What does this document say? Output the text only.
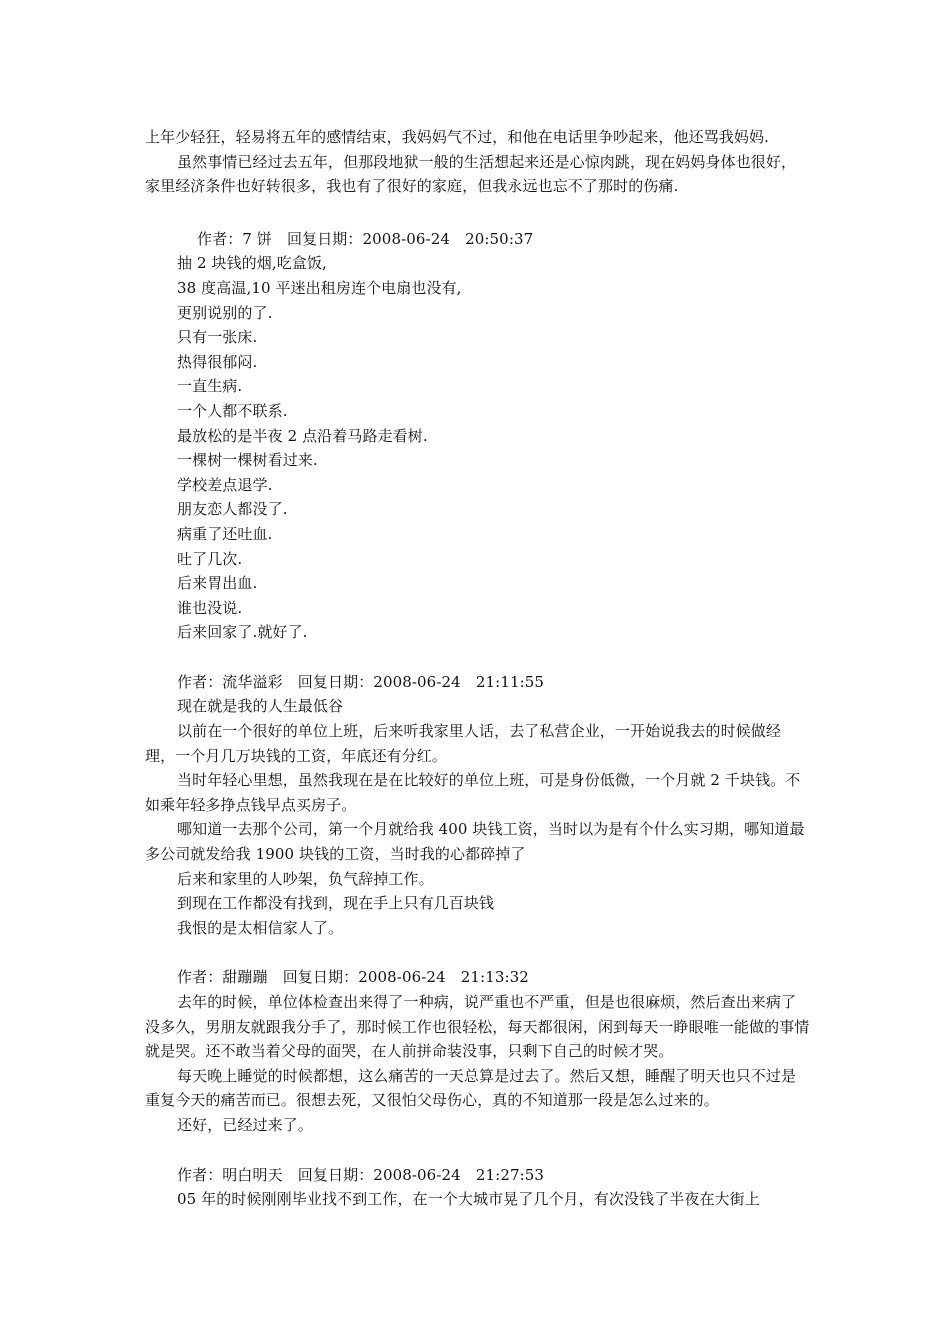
上年少轻狂，轻易将五年的感情结束，我妈妈气不过，和他在电话里争吵起来，他还骂我妈妈.
虽然事情已经过去五年，但那段地狱一般的生活想起来还是心惊肉跳，现在妈妈身体也很好，家里经济条件也好转很多，我也有了很好的家庭，但我永远也忘不了那时的伤痛.
作者：7 饼　回复日期：2008-06-24　20:50:37
抽 2 块钱的烟,吃盒饭,
38 度高温,10 平迷出租房连个电扇也没有,
更别说别的了.
只有一张床.
热得很郁闷.
一直生病.
一个人都不联系.
最放松的是半夜 2 点沿着马路走看树.
一棵树一棵树看过来.
学校差点退学.
朋友恋人都没了.
病重了还吐血.
吐了几次.
后来胃出血.
谁也没说.
后来回家了.就好了.
作者：流华溢彩　回复日期：2008-06-24　21:11:55
现在就是我的人生最低谷
以前在一个很好的单位上班，后来听我家里人话，去了私营企业，一开始说我去的时候做经理，一个月几万块钱的工资，年底还有分红。
当时年轻心里想，虽然我现在是在比较好的单位上班，可是身份低微，一个月就 2 千块钱。不如乘年轻多挣点钱早点买房子。
哪知道一去那个公司，第一个月就给我 400 块钱工资，当时以为是有个什么实习期，哪知道最多公司就发给我 1900 块钱的工资，当时我的心都碎掉了
后来和家里的人吵架，负气辞掉工作。
到现在工作都没有找到，现在手上只有几百块钱
我恨的是太相信家人了。
作者：甜蹦蹦　回复日期：2008-06-24　21:13:32
去年的时候，单位体检查出来得了一种病，说严重也不严重，但是也很麻烦，然后查出来病了没多久，男朋友就跟我分手了，那时候工作也很轻松，每天都很闲，闲到每天一睁眼唯一能做的事情就是哭。还不敢当着父母的面哭，在人前拼命装没事，只剩下自己的时候才哭。
每天晚上睡觉的时候都想，这么痛苦的一天总算是过去了。然后又想，睡醒了明天也只不过是重复今天的痛苦而已。很想去死，又很怕父母伤心，真的不知道那一段是怎么过来的。
还好，已经过来了。
作者：明白明天　回复日期：2008-06-24　21:27:53
05 年的时候刚刚毕业找不到工作，在一个大城市晃了几个月，有次没钱了半夜在大街上
